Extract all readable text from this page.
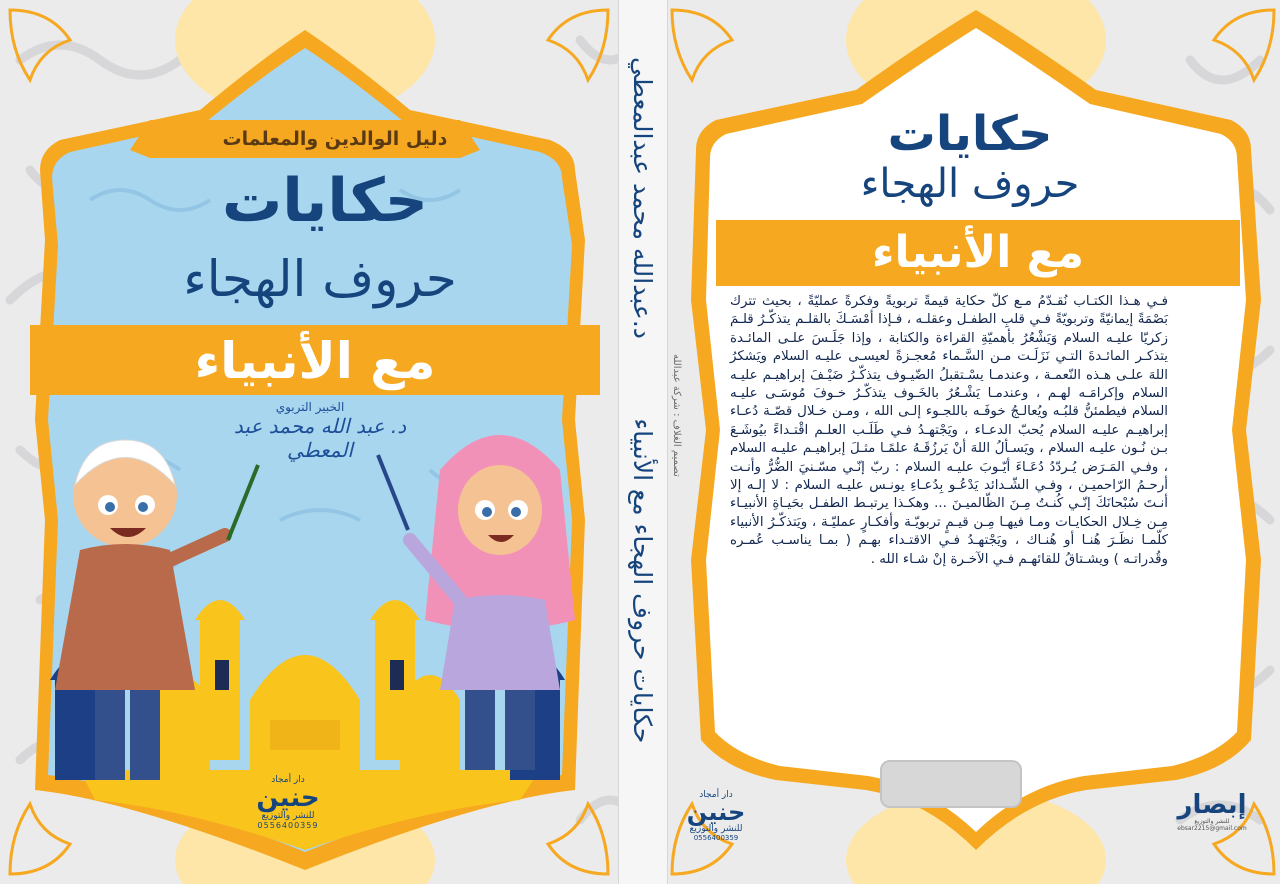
دليل الوالدين والمعلمات
حكايات
حروف الهجاء
مع الأنبياء
الخبير التربوي
د. عبد الله محمد عبد المعطي
دار أمجاد
حنين
للنشر والتوزيع
0556400359
حكايات حروف الهجاء مع الأنبياء          د.عبدالله محمد عبدالمعطي
تصميم الغلاف : شركة عبدالله
حكايات
حروف الهجاء
مع الأنبياء
فـي هـذا الكتـاب نُقـدّمُ مـع كلّ حكاية قيمةً تربويةً وفكرةً عمليّةً ، بحيث تترك بَصْمَةً إيمانيّةً وتربويّةً فـي قلبِ الطفـل وعقلـه ، فـإذا أمْسَـكَ بالقلـم يتذكّـرُ قلـمَ زكريّا عليـه السلام وَيَشْعُرُ بأهميّةِ القراءة والكتابة ، وإذا جَلَـسَ علـى المائـدة يتذكـر المائـدةَ التـي نَزَلَـت مـن السَّـماء مُعجـزةً لعيسـى عليـه السلام ويَشكرُ اللهَ علـى هـذه النّعمـة ، وعندمـا يسْـتقبلُ الضّيـوف يتذكّـرُ ضَيْـفَ إبراهيـم عليـه السلام وإكرامَـه لهـم ، وعندمـا يَشْـعُرُ بالخَـوف يتذكّـرُ خـوفَ مُوسَـى عليـه السلام فيطمئنُّ قلبُـه ويُعالـجُ خوفَـه باللجـوء إلـى الله ، ومـن خـلال قصّـة دُعـاء إبراهيـم عليـه السلام يُحبّ الدعـاء ، ويَجْتهـدُ فـي طَلَـب العلـم اقْتـداءً بيُوشَـعَ بـن نُـون عليـه السلام ، ويَسـألُ اللهَ أنْ يَرزُقَـهُ علمًـا مثـلَ إبراهيـم عليـه السلام ، وفـي المَـرَض يُـردّدُ دُعَـاءَ أيّـوبَ عليـه السلام : ربّ إنّـي مسّـنيَ الضُّرُّ وأنـت أرحـمُ الرّاحميـن ، وفـي الشّـدائد يَدْعُـو بِدُعـاءِ يونـس عليـه السلام : لا إلـه إلا أنـتَ سُبْحانَكَ إنّـي كُنـتُ مِـنَ الظّالميـنَ ... وهكـذا يرتبـط الطفـل بحَيـاةِ الأنبيـاء مِـن خِـلال الحكايـات ومـا فيهـا مِـن قيـمٍ تربويّـة وأفكـارٍ عمليّـة ، ويَتذكّـرُ الأنبياء كلّمـا نظَـرَ هُنـا أو هُنـاك ، ويَجْتهـدُ فـي الاقتـداء بهـم ( بمـا يناسـب عُمـره وقُدراتـه ) ويشـتاقُ للقائهـم فـي الآخـرة إنْ شـاء الله .
دار أمجاد
حنين
للنشر والتوزيع
0556400359
إبصار
للنشر والتوزيع
ebsar2215@gmail.com
